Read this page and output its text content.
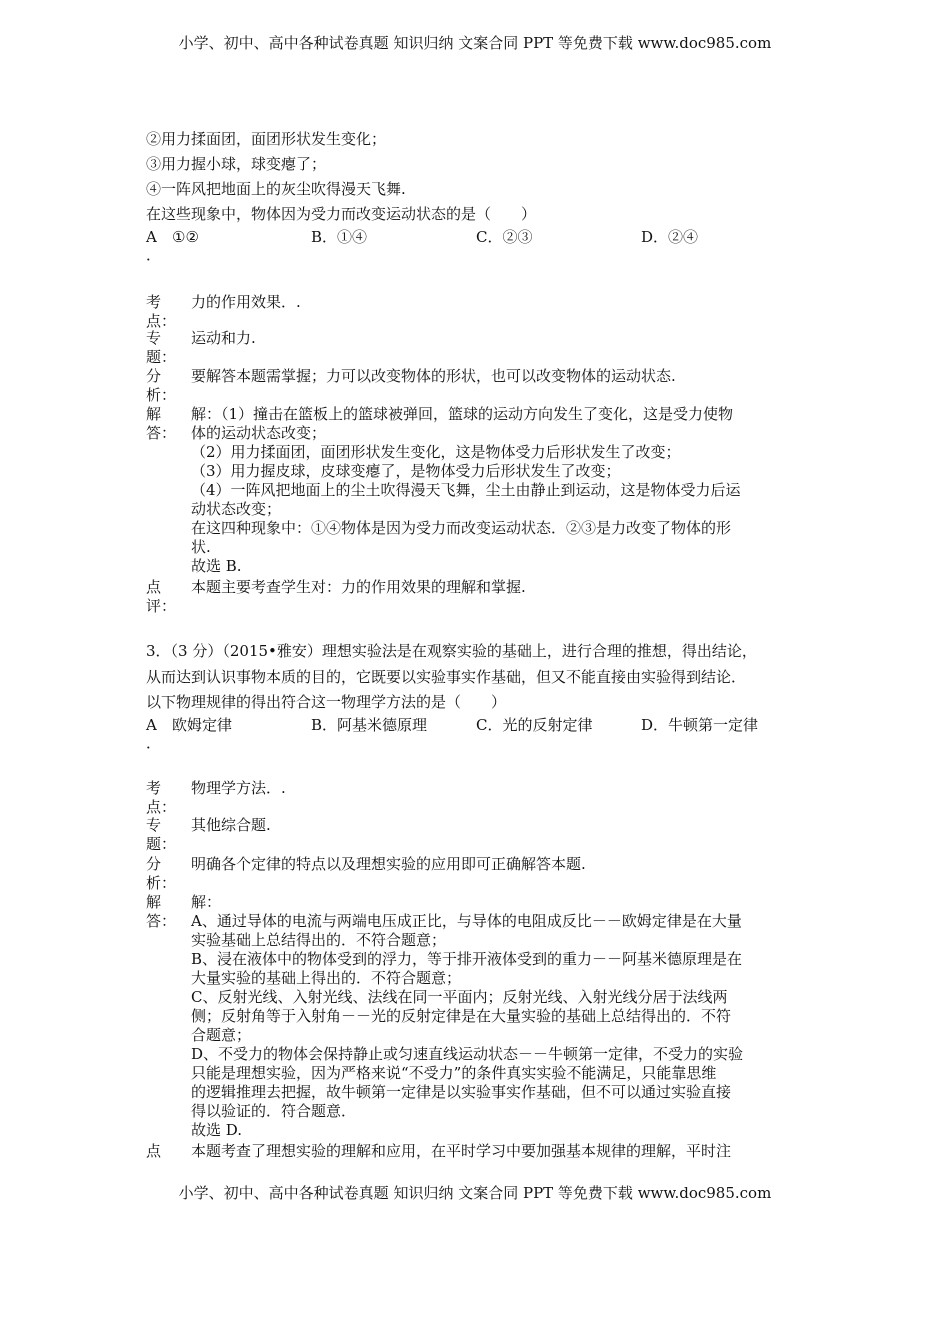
小学、初中、高中各种试卷真题 知识归纳 文案合同 PPT 等免费下载 www.doc985.com
②用力揉面团，面团形状发生变化；
③用力握小球，球变瘪了；
④一阵风把地面上的灰尘吹得漫天飞舞.
在这些现象中，物体因为受力而改变运动状态的是（　　）
A ①②	B．①④	C．②③	D．②④
．
考
点：
力的作用效果．.
专
题：
运动和力.
分
析：
要解答本题需掌握；力可以改变物体的形状，也可以改变物体的运动状态.
解
答：
解：（1）撞击在篮板上的篮球被弹回，篮球的运动方向发生了变化，这是受力使物
体的运动状态改变；
（2）用力揉面团，面团形状发生变化，这是物体受力后形状发生了改变；
（3）用力握皮球，皮球变瘪了，是物体受力后形状发生了改变；
（4）一阵风把地面上的尘土吹得漫天飞舞，尘土由静止到运动，这是物体受力后运
动状态改变；
在这四种现象中：①④物体是因为受力而改变运动状态．②③是力改变了物体的形
状.
故选 B.
点
评：
本题主要考查学生对：力的作用效果的理解和掌握.
3．（3 分）（2015•雅安）理想实验法是在观察实验的基础上，进行合理的推想，得出结论，
从而达到认识事物本质的目的，它既要以实验事实作基础，但又不能直接由实验得到结论．
以下物理规律的得出符合这一物理学方法的是（　　）
A 欧姆定律	B．阿基米德原理	C．光的反射定律	D．牛顿第一定律
．
考
点：
物理学方法．.
专
题：
其他综合题.
分
析：
明确各个定律的特点以及理想实验的应用即可正确解答本题.
解
答：
解：
A、通过导体的电流与两端电压成正比，与导体的电阻成反比－－欧姆定律是在大量
实验基础上总结得出的．不符合题意；
B、浸在液体中的物体受到的浮力，等于排开液体受到的重力－－阿基米德原理是在
大量实验的基础上得出的．不符合题意；
C、反射光线、入射光线、法线在同一平面内；反射光线、入射光线分居于法线两
侧；反射角等于入射角－－光的反射定律是在大量实验的基础上总结得出的．不符
合题意；
D、不受力的物体会保持静止或匀速直线运动状态－－牛顿第一定律，不受力的实验
只能是理想实验，因为严格来说“不受力”的条件真实实验不能满足，只能靠思维
的逻辑推理去把握，故牛顿第一定律是以实验事实作基础，但不可以通过实验直接
得以验证的．符合题意．
故选 D.
点	本题考查了理想实验的理解和应用，在平时学习中要加强基本规律的理解，平时注
小学、初中、高中各种试卷真题 知识归纳 文案合同 PPT 等免费下载 www.doc985.com
